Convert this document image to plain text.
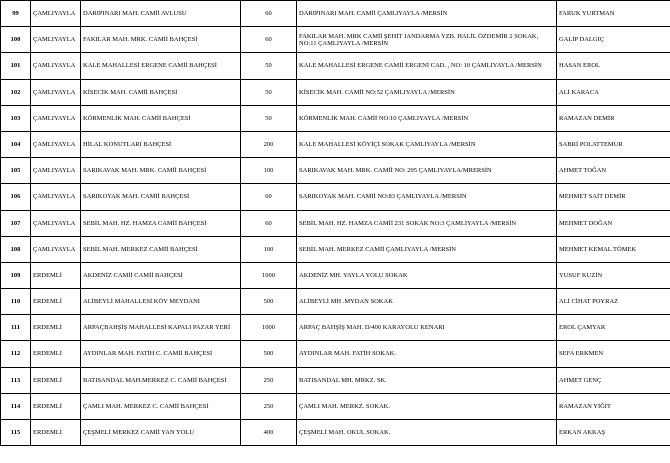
99	ÇAMLIYAYLA	DARIPINARI MAH. CAMİİ AVLUSU	60	DARIPINARI MAH. CAMİİ ÇAMLIYAYLA /MERSİN	FARUK YURTMAN
100	ÇAMLIYAYLA	FAKILAR MAH. MRK. CAMİİ BAHÇESİ	60	FAKILAR MAH. MRK CAMİİ ŞEHİT JANDARMA YZB. HALİL ÖZDEMİR 2 SOKAK, NO:11 ÇAMLIYAYLA /MERSİN	GALİP DALGIÇ
101	ÇAMLIYAYLA	KALE MAHALLESİ ERGENE CAMİİ BAHÇESİ	50	KALE MAHALLESİ ERGENE CAMİİ ERGENİ CAD. , NO: 10 ÇAMLIYAYLA /MERSİN	HASAN EROL
102	ÇAMLIYAYLA	KİSECİK MAH. CAMİİ BAHÇESİ	50	KİSECİK MAH. CAMİİ NO:52 ÇAMLIYAYLA /MERSİN	ALİ KARACA
103	ÇAMLIYAYLA	KÖRMENLİK MAH. CAMİİ BAHÇESİ	50	KÖRMENLİK MAH. CAMİİ NO:10 ÇAMLIYAYLA /MERSİN	RAMAZAN DEMİR
104	ÇAMLIYAYLA	HİLAL KONUTLARI BAHÇESİ	200	KALE MAHALLESİ KÖYİÇİ SOKAK ÇAMLIYAYLA /MERSİN	SABRİ POLATTEMUR
105	ÇAMLIYAYLA	SARIKAVAK MAH. MRK. CAMİİ BAHÇESİ	100	SARIKAVAK MAH. MRK. CAMİİ NO: 295 ÇAMLIYAYLA/MRERSİN	AHMET TOĞAN
106	ÇAMLIYAYLA	SARIKOYAK MAH. CAMİİ BAHÇESİ	60	SARIKOYAK MAH. CAMİİ NO:83 ÇAMLIYAYLA /MERSİN	MEHMET SAİT DEMİR
107	ÇAMLIYAYLA	SEBİL MAH. HZ. HAMZA CAMİİ BAHÇESİ	60	SEBİL MAH. HZ. HAMZA CAMİİ 231 SOKAK NO:3 ÇAMLIYAYLA /MERSİN	MEHMET DOĞAN
108	ÇAMLIYAYLA	SEBİL MAH. MERKEZ CAMİİ BAHÇESİ	100	SEBİL MAH. MERKEZ CAMİİ ÇAMLIYAYLA /MERSİN	MEHMET KEMAL TÖMEK
109	ERDEMLİ	AKDENİZ CAMİİ CAMİİ BAHÇESİ	1000	AKDENİZ MH. YAYLA YOLU SOKAK	YUSUF KUZİN
110	ERDEMLİ	ALİBEYLİ MAHALLESİ KÖY MEYDANI	500	ALİBEYLİ MH .MYDAN SOKAK	ALİ CİHAT POYRAZ
111	ERDEMLİ	ARPAÇBAHŞİŞ MAHALLESİ KAPALI PAZAR YERİ	1000	ARPAÇ BAHŞİŞ MAH. D/400 KARAYOLU KENARI	EROL ÇAMYAR
112	ERDEMLİ	AYDINLAR MAH. FATİH C. CAMİİ BAHÇESİ	500	AYDINLAR MAH. FATİH SOKAK.	SEFA ERKMEN
113	ERDEMLİ	BATISANDAL MAH.MERKEZ C. CAMİİ BAHÇESİ	250	BATISANDAL MH. MRKZ. SK.	AHMET GENÇ
114	ERDEMLİ	ÇAMLI MAH. MERKEZ C. CAMİİ BAHÇESİ	250	ÇAMLI MAH. MERKZ. SOKAK.	RAMAZAN YİĞİT
115	ERDEMLİ	ÇEŞMELİ MERKEZ CAMİİ YAN YOLU	400	ÇEŞMELİ MAH. OKUL SOKAK.	ERKAN AKKAŞ
